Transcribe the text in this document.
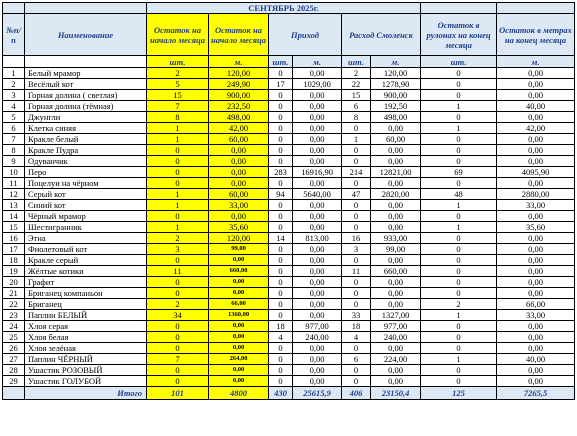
		СЕНТЯБРЬ 2025г.							
№п/п	Наименование	Остаток на начало месяца	Остаток на начало месяца	Приход		Расход Смоленск		Остаток в рулонах на конец месяца	Остаток в метрах на конец месяца
		шт.	м.	шт.	м.	шт.	м.	шт.	м.
1	Белый мрамор	2	120,00	0	0,00	2	120,00	0	0,00
2	Весёлый кот	5	249,90	17	1029,00	22	1278,90	0	0,00
3	Горная долина ( светлая)	15	900,00	0	0,00	15	900,00	0	0,00
4	Горная долина (тёмная)	7	232,50	0	0,00	6	192,50	1	40,00
5	Джунгли	8	498,00	0	0,00	8	498,00	0	0,00
6	Клетка синяя	1	42,00	0	0,00	0	0,00	1	42,00
7	Кракле белый	1	60,00	0	0,00	1	60,00	0	0,00
8	Кракле Пудра	0	0,00	0	0,00	0	0,00	0	0,00
9	Одуванчик	0	0,00	0	0,00	0	0,00	0	0,00
10	Перо	0	0,00	283	16916,90	214	12821,00	69	4095,90
11	Поцелуи на чёрном	0	0,00	0	0,00	0	0,00	0	0,00
12	Серый кот	1	60,00	94	5640,00	47	2820,00	48	2880,00
13	Синий кот	1	33,00	0	0,00	0	0,00	1	33,00
14	Чёрный мрамор	0	0,00	0	0,00	0	0,00	0	0,00
15	Шестигранник	1	35,60	0	0,00	0	0,00	1	35,60
16	Этна	2	120,00	14	813,00	16	933,00	0	0,00
17	Фиолетовый кот	3	99,00	0	0,00	3	99,00	0	0,00
18	Кракле серый	0	0,00	0	0,00	0	0,00	0	0,00
19	Жёлтые котики	11	660,00	0	0,00	11	660,00	0	0,00
20	Графит	0	0,00	0	0,00	0	0,00	0	0,00
21	Бриганец компаньон	0	0,00	0	0,00	0	0,00	0	0,00
22	Бриганец	2	66,00	0	0,00	0	0,00	2	66,00
23	Паплин БЕЛЫЙ	34	1360,00	0	0,00	33	1327,00	1	33,00
24	Хлоя серая	0	0,00	18	977,00	18	977,00	0	0,00
25	Хлоя белая	0	0,00	4	240,00	4	240,00	0	0,00
26	Хлоя зелёная	0	0,00	0	0,00	0	0,00	0	0,00
27	Паплин ЧЁРНЫЙ	7	264,00	0	0,00	6	224,00	1	40,00
28	Ушастик РОЗОВЫЙ	0	0,00	0	0,00	0	0,00	0	0,00
29	Ушастик ГОЛУБОЙ	0	0,00	0	0,00	0	0,00	0	0,00
	Итого	101	4800	430	25615,9	406	23150,4	125	7265,5
